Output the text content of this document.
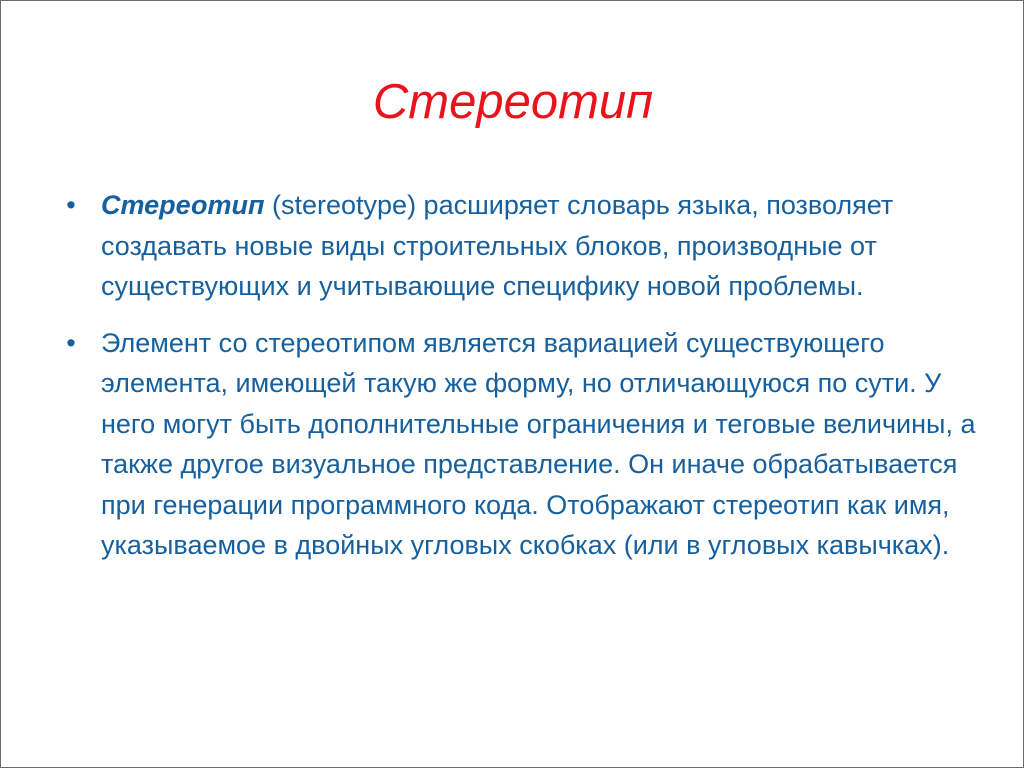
Стереотип
• Стереотип (stereotype) расширяет словарь языка, позволяет создавать новые виды строительных блоков, производные от существующих и учитывающие специфику новой проблемы.
• Элемент со стереотипом является вариацией существующего элемента, имеющей такую же форму, но отличающуюся по сути. У него могут быть дополнительные ограничения и теговые величины, а также другое визуальное представление. Он иначе обрабатывается при генерации программного кода. Отображают стереотип как имя, указываемое в двойных угловых скобках (или в угловых кавычках).
